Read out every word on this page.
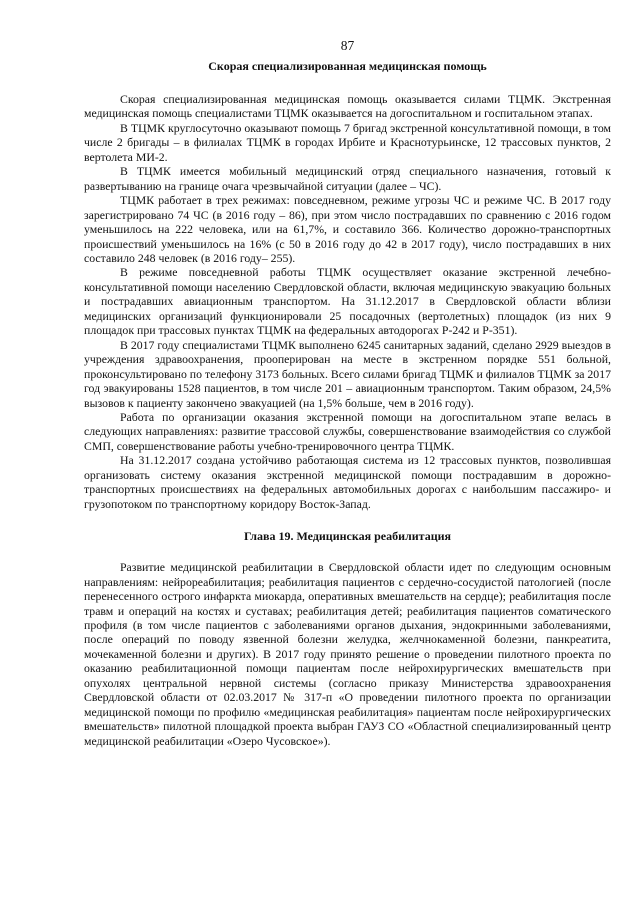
87
Скорая специализированная медицинская помощь

Скорая специализированная медицинская помощь оказывается силами ТЦМК. Экстренная медицинская помощь специалистами ТЦМК оказывается на догоспитальном и госпитальном этапах.

В ТЦМК круглосуточно оказывают помощь 7 бригад экстренной консультативной помощи, в том числе 2 бригады – в филиалах ТЦМК в городах Ирбите и Краснотурьинске, 12 трассовых пунктов, 2 вертолета МИ-2.

В ТЦМК имеется мобильный медицинский отряд специального назначения, готовый к развертыванию на границе очага чрезвычайной ситуации (далее – ЧС).

ТЦМК работает в трех режимах: повседневном, режиме угрозы ЧС и режиме ЧС. В 2017 году зарегистрировано 74 ЧС (в 2016 году – 86), при этом число пострадавших по сравнению с 2016 годом уменьшилось на 222 человека, или на 61,7%, и составило 366. Количество дорожно-транспортных происшествий уменьшилось на 16% (с 50 в 2016 году до 42 в 2017 году), число пострадавших в них составило 248 человек (в 2016 году– 255).

В режиме повседневной работы ТЦМК осуществляет оказание экстренной лечебно-консультативной помощи населению Свердловской области, включая медицинскую эвакуацию больных и пострадавших авиационным транспортом. На 31.12.2017 в Свердловской области вблизи медицинских организаций функционировали 25 посадочных (вертолетных) площадок (из них 9 площадок при трассовых пунктах ТЦМК на федеральных автодорогах Р-242 и Р-351).

В 2017 году специалистами ТЦМК выполнено 6245 санитарных заданий, сделано 2929 выездов в учреждения здравоохранения, прооперирован на месте в экстренном порядке 551 больной, проконсультировано по телефону 3173 больных. Всего силами бригад ТЦМК и филиалов ТЦМК за 2017 год эвакуированы 1528 пациентов, в том числе 201 – авиационным транспортом. Таким образом, 24,5% вызовов к пациенту закончено эвакуацией (на 1,5% больше, чем в 2016 году).

Работа по организации оказания экстренной помощи на догоспитальном этапе велась в следующих направлениях: развитие трассовой службы, совершенствование взаимодействия со службой СМП, совершенствование работы учебно-тренировочного центра ТЦМК.

На 31.12.2017 создана устойчиво работающая система из 12 трассовых пунктов, позволившая организовать систему оказания экстренной медицинской помощи пострадавшим в дорожно-транспортных происшествиях на федеральных автомобильных дорогах с наибольшим пассажиро- и грузопотоком по транспортному коридору Восток-Запад.

Глава 19. Медицинская реабилитация

Развитие медицинской реабилитации в Свердловской области идет по следующим основным направлениям: нейрореабилитация; реабилитация пациентов с сердечно-сосудистой патологией (после перенесенного острого инфаркта миокарда, оперативных вмешательств на сердце); реабилитация после травм и операций на костях и суставах; реабилитация детей; реабилитация пациентов соматического профиля (в том числе пациентов с заболеваниями органов дыхания, эндокринными заболеваниями, после операций по поводу язвенной болезни желудка, желчнокаменной болезни, панкреатита, мочекаменной болезни и других). В 2017 году принято решение о проведении пилотного проекта по оказанию реабилитационной помощи пациентам после нейрохирургических вмешательств при опухолях центральной нервной системы (согласно приказу Министерства здравоохранения Свердловской области от 02.03.2017 № 317-п «О проведении пилотного проекта по организации медицинской помощи по профилю «медицинская реабилитация» пациентам после нейрохирургических вмешательств» пилотной площадкой проекта выбран ГАУЗ СО «Областной специализированный центр медицинской реабилитации «Озеро Чусовское»).
